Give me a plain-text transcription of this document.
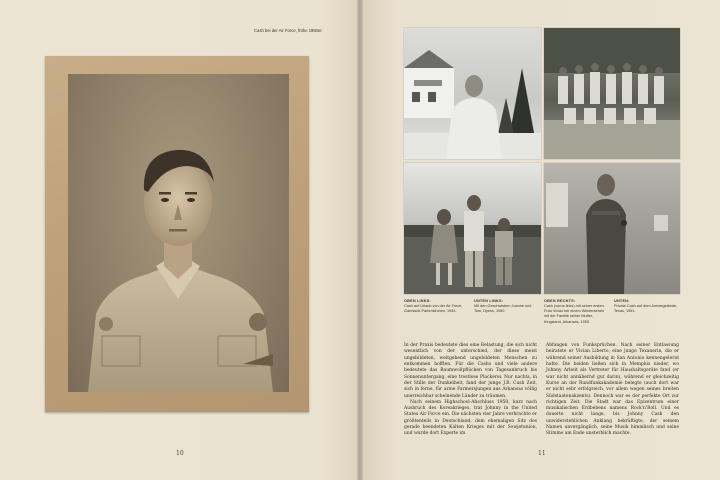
Cash bei der Air Force, frühe 1950er.
10
OBEN LINKS:
Cash auf Urlaub von der Air Force, Garmisch-Partenkirchen, 1954.
UNTEN LINKS:
Mit den Geschwistern Joanne und Tom, Dyess, 1950.
OBEN RECHTS:
Cash (vorne links) mit seiner ersten Frau Vivian bei einem Wiedersehen mit der Familie seiner Mutter, Kingsland, Arkansas, 1950.
UNTEN:
Private Cash auf dem Armeegelände, Texas, 1951.

In der Praxis bedeutete dies eine Belastung, die sich nicht wesentlich von der unterschied, der diese meist ungebildeten, weitgehend ungebildeten Menschen zu entkommen hofften. Für die Cashs und viele andere bedeutete das Baumwollpflücken von Tagesanbruch bis Sonnenuntergang, eine trostlose Plackerei. Nur nachts, in der Stille der Dunkelheit, fand der junge J.R. Cash Zeit, sich in ferne, für arme Farmersjungen aus Arkansas völlig unerreichbar scheinende Länder zu träumen.

Nach seinem Highschool-Abschluss 1950, kurz nach Ausbruch des Koreakrieges, trat Johnny in the United States Air Force ein. Die nächsten vier Jahre verbrachte er größtenteils in Deutschland, dem ehemaligen Sitz des gerade beendeten Kalten Krieges mit der Sowjetunion, und wurde dort Experte im

Abfangen von Funksprüchen. Nach seiner Entlassung heiratete er Vivian Liberto, eine junge Texanerin, die er während seiner Ausbildung in San Antonio kennengelernt hatte. Die beiden ließen sich in Memphis nieder, wo Johnny Arbeit als Vertreter für Haushaltsgeräte fand (er war nicht annähernd gut darin), während er gleichzeitig Kurse an der Rundfunkakademie belegte (auch dort war er nicht sehr erfolgreich, vor allem wegen seines breiten Südstaatenakzents). Dennoch war es der perfekte Ort zur richtigen Zeit. Die Stadt war das Epizentrum einer musikalischen Erdbebens namens Rock'n'Roll. Und es dauerte nicht lange, bis Johnny Cash den unwiderstehlichen Anklang bekräftigte, der seinem Namen unvergänglich, seine Musik himmlisch und seine Stimme am Ende unsterblich machte.

11
